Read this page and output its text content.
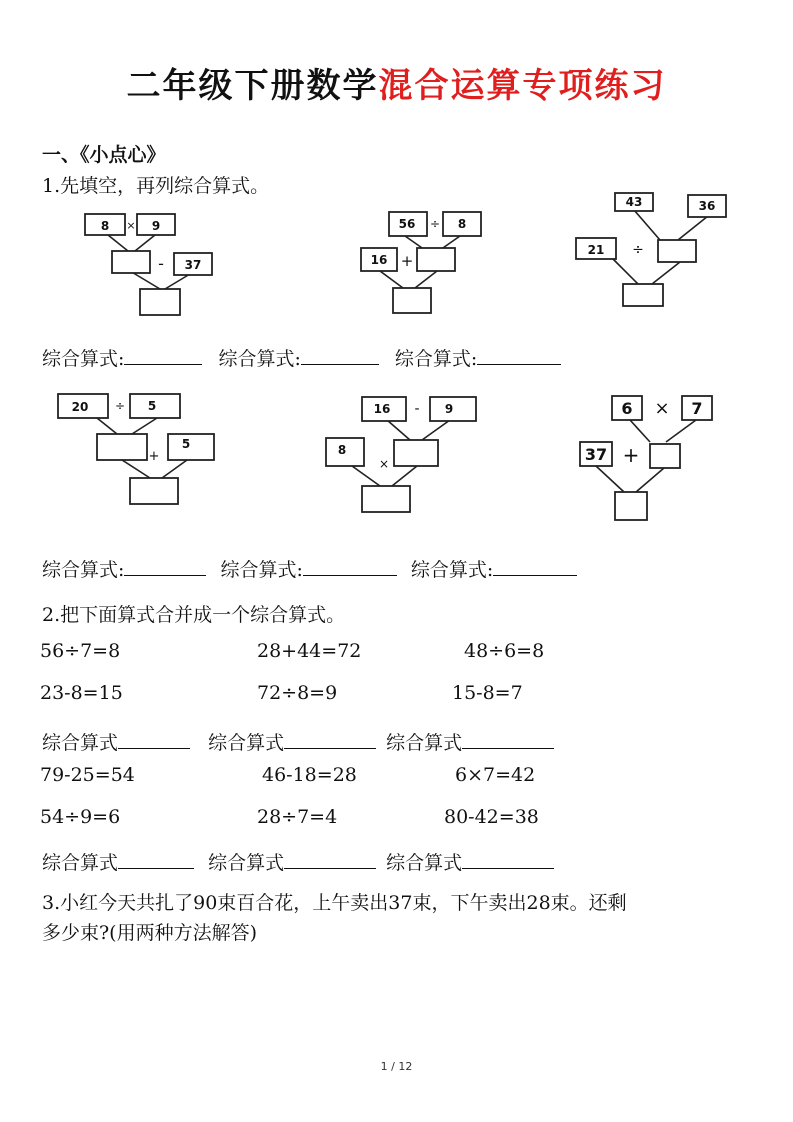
二年级下册数学混合运算专项练习
一、《小点心》
1.先填空，再列综合算式。
8 × 9
- 37
56 ÷ 8
16 +
43	36
21 ÷
综合算式:	综合算式:	综合算式:
20 ÷ 5
+
5
16 - 9
8
×
6 × 7
37 +
综合算式:	综合算式:	综合算式:
2.把下面算式合并成一个综合算式。
56÷7=8	28+44=72	48÷6=8
23-8=15	72÷8=9	15-8=7
综合算式	综合算式	综合算式
79-25=54	46-18=28	6×7=42
54÷9=6	28÷7=4	80-42=38
综合算式	综合算式	综合算式
3.小红今天共扎了90束百合花，上午卖出37束，下午卖出28束。还剩
多少束?(用两种方法解答)
1 / 12
